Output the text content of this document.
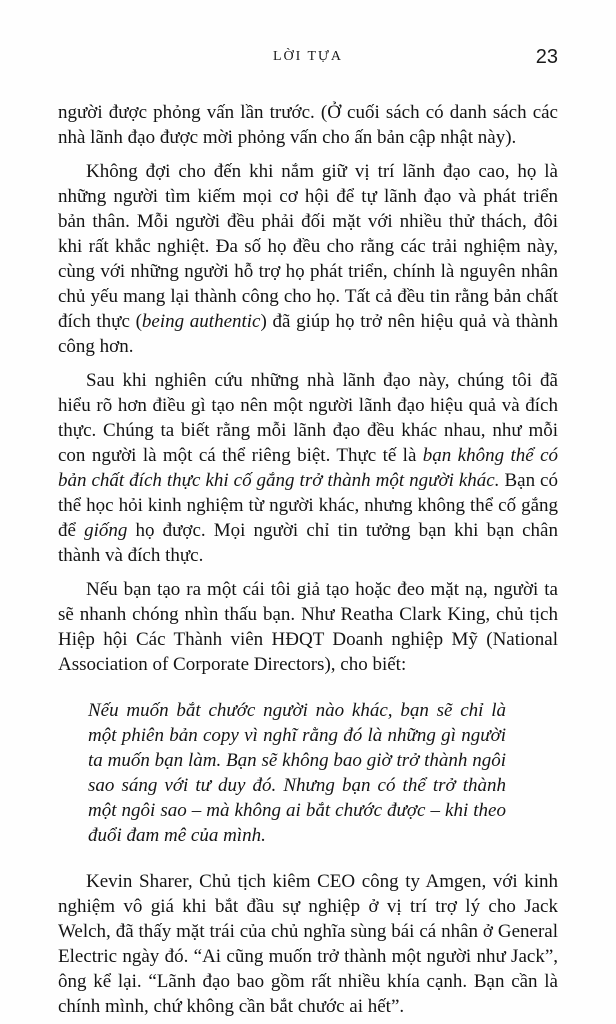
LỜI TỰA	23

người được phỏng vấn lần trước. (Ở cuối sách có danh sách các nhà lãnh đạo được mời phỏng vấn cho ấn bản cập nhật này).

Không đợi cho đến khi nắm giữ vị trí lãnh đạo cao, họ là những người tìm kiếm mọi cơ hội để tự lãnh đạo và phát triển bản thân. Mỗi người đều phải đối mặt với nhiều thử thách, đôi khi rất khắc nghiệt. Đa số họ đều cho rằng các trải nghiệm này, cùng với những người hỗ trợ họ phát triển, chính là nguyên nhân chủ yếu mang lại thành công cho họ. Tất cả đều tin rằng bản chất đích thực (being authentic) đã giúp họ trở nên hiệu quả và thành công hơn.

Sau khi nghiên cứu những nhà lãnh đạo này, chúng tôi đã hiểu rõ hơn điều gì tạo nên một người lãnh đạo hiệu quả và đích thực. Chúng ta biết rằng mỗi lãnh đạo đều khác nhau, như mỗi con người là một cá thể riêng biệt. Thực tế là bạn không thể có bản chất đích thực khi cố gắng trở thành một người khác. Bạn có thể học hỏi kinh nghiệm từ người khác, nhưng không thể cố gắng để giống họ được. Mọi người chỉ tin tưởng bạn khi bạn chân thành và đích thực.

Nếu bạn tạo ra một cái tôi giả tạo hoặc đeo mặt nạ, người ta sẽ nhanh chóng nhìn thấu bạn. Như Reatha Clark King, chủ tịch Hiệp hội Các Thành viên HĐQT Doanh nghiệp Mỹ (National Association of Corporate Directors), cho biết:

Nếu muốn bắt chước người nào khác, bạn sẽ chỉ là một phiên bản copy vì nghĩ rằng đó là những gì người ta muốn bạn làm. Bạn sẽ không bao giờ trở thành ngôi sao sáng với tư duy đó. Nhưng bạn có thể trở thành một ngôi sao – mà không ai bắt chước được – khi theo đuổi đam mê của mình.

Kevin Sharer, Chủ tịch kiêm CEO công ty Amgen, với kinh nghiệm vô giá khi bắt đầu sự nghiệp ở vị trí trợ lý cho Jack Welch, đã thấy mặt trái của chủ nghĩa sùng bái cá nhân ở General Electric ngày đó. “Ai cũng muốn trở thành một người như Jack”, ông kể lại. “Lãnh đạo bao gồm rất nhiều khía cạnh. Bạn cần là chính mình, chứ không cần bắt chước ai hết”.
